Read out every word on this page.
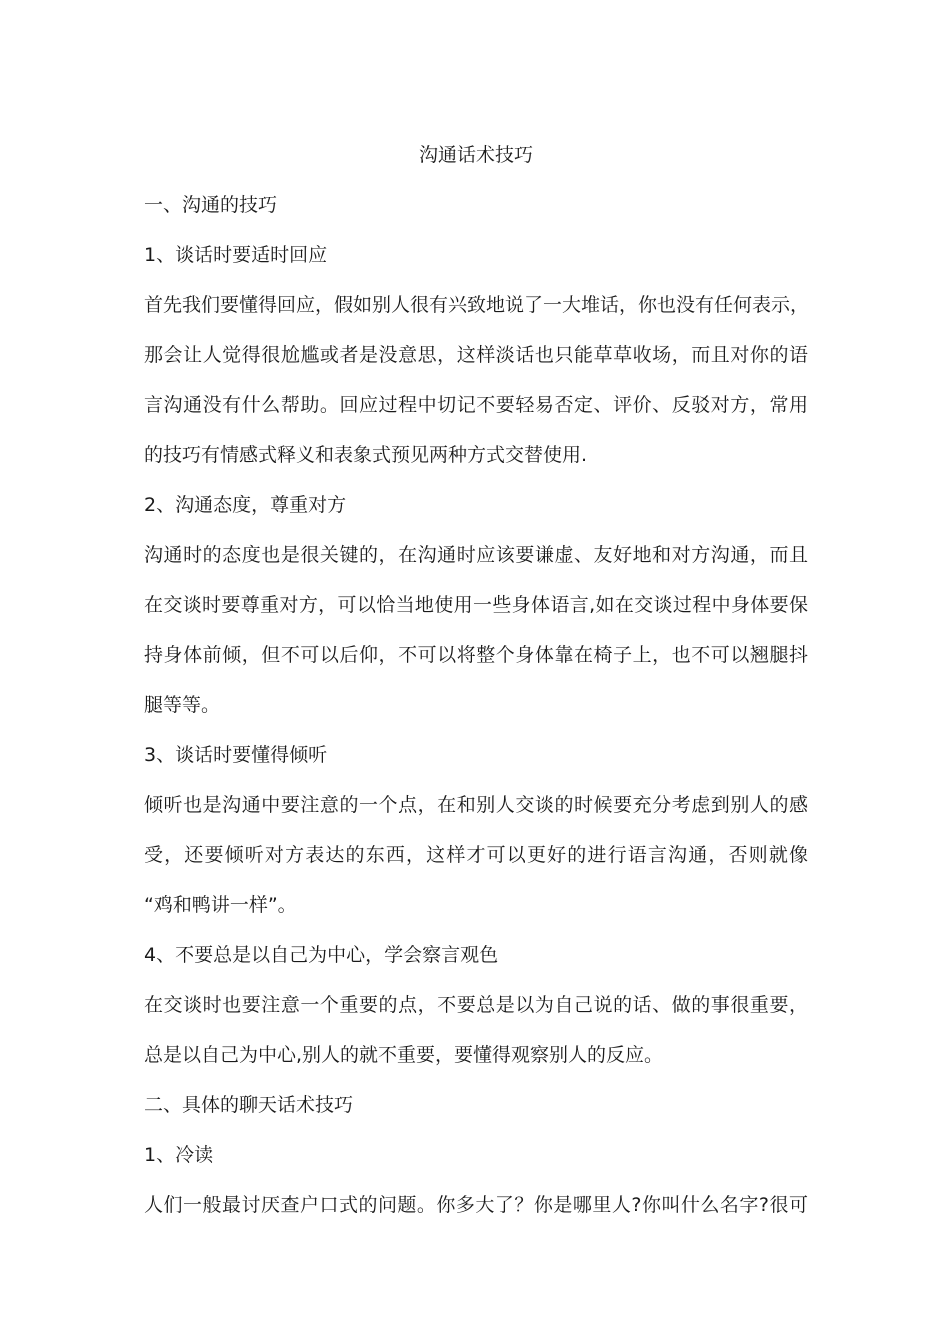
沟通话术技巧
一、沟通的技巧
1、谈话时要适时回应
首先我们要懂得回应，假如别人很有兴致地说了一大堆话，你也没有任何表示，
那会让人觉得很尬尴或者是没意思，这样淡话也只能草草收场，而且对你的语
言沟通没有什么帮助。回应过程中切记不要轻易否定、评价、反驳对方，常用
的技巧有情感式释义和表象式预见两种方式交替使用.
2、沟通态度，尊重对方
沟通时的态度也是很关键的，在沟通时应该要谦虚、友好地和对方沟通，而且
在交谈时要尊重对方，可以恰当地使用一些身体语言,如在交谈过程中身体要保
持身体前倾，但不可以后仰，不可以将整个身体靠在椅子上，也不可以翘腿抖
腿等等。
3、谈话时要懂得倾听
倾听也是沟通中要注意的一个点，在和别人交谈的时候要充分考虑到别人的感
受，还要倾听对方表达的东西，这样才可以更好的进行语言沟通，否则就像
“鸡和鸭讲一样”。
4、不要总是以自己为中心，学会察言观色
在交谈时也要注意一个重要的点，不要总是以为自己说的话、做的事很重要，
总是以自己为中心,别人的就不重要，要懂得观察别人的反应。
二、具体的聊天话术技巧
1、冷读
人们一般最讨厌查户口式的问题。你多大了？你是哪里人?你叫什么名字?很可
